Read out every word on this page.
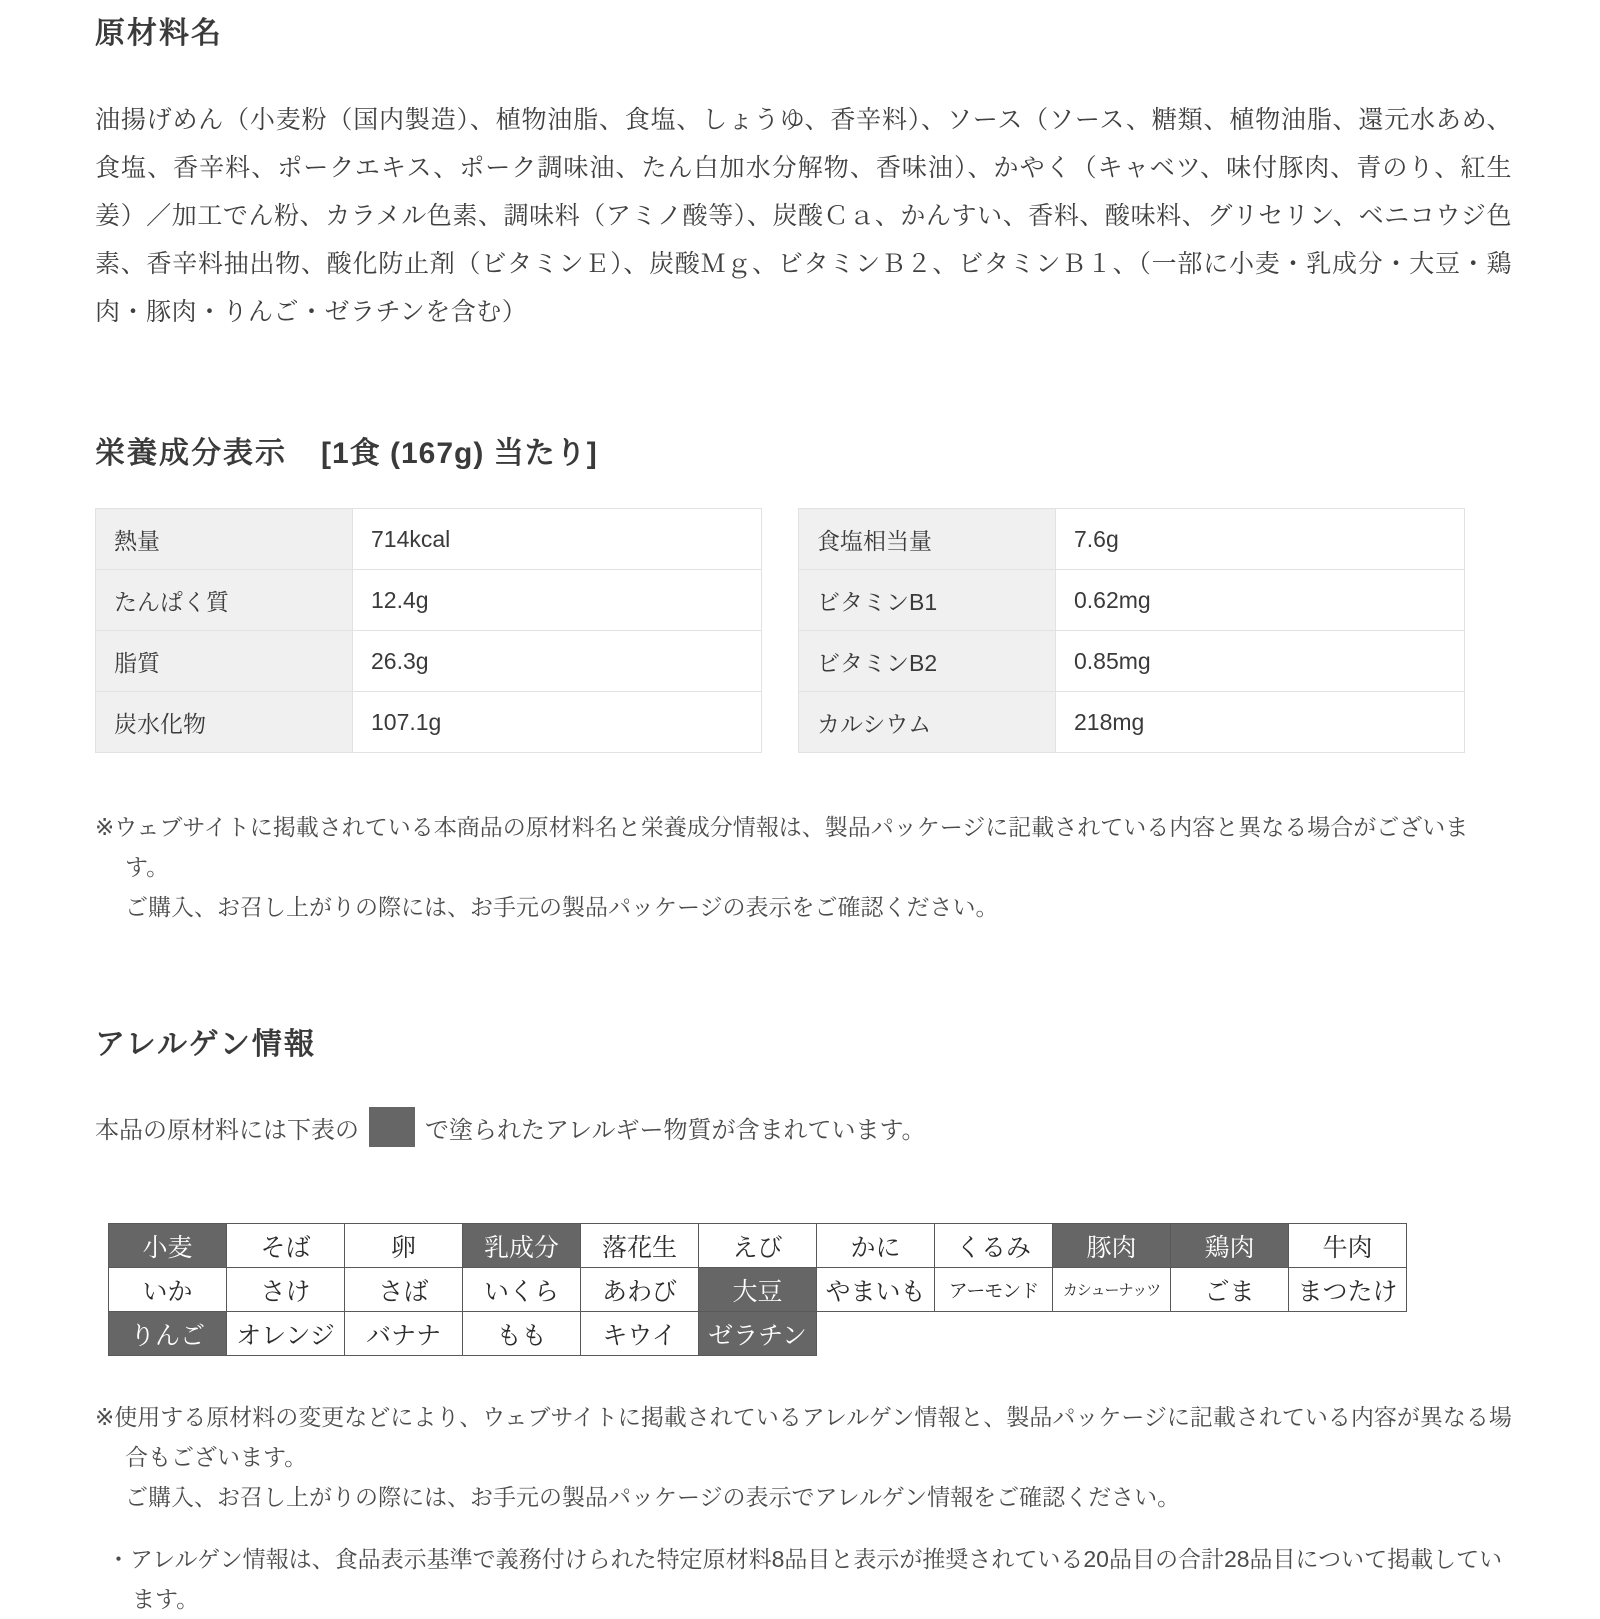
原材料名

油揚げめん（小麦粉（国内製造）、植物油脂、食塩、しょうゆ、香辛料）、ソース（ソース、糖類、植物油脂、還元水あめ、食塩、香辛料、ポークエキス、ポーク調味油、たん白加水分解物、香味油）、かやく（キャベツ、味付豚肉、青のり、紅生姜）／加工でん粉、カラメル色素、調味料（アミノ酸等）、炭酸Ｃａ、かんすい、香料、酸味料、グリセリン、ベニコウジ色素、香辛料抽出物、酸化防止剤（ビタミンＥ）、炭酸Ｍｇ、ビタミンＢ２、ビタミンＢ１、（一部に小麦・乳成分・大豆・鶏肉・豚肉・りんご・ゼラチンを含む）

栄養成分表示 [1食 (167g) 当たり]
熱量	714kcal
たんぱく質	12.4g
脂質	26.3g
炭水化物	107.1g
食塩相当量	7.6g
ビタミンB1	0.62mg
ビタミンB2	0.85mg
カルシウム	218mg
※ウェブサイトに掲載されている本商品の原材料名と栄養成分情報は、製品パッケージに記載されている内容と異なる場合がございます。
ご購入、お召し上がりの際には、お手元の製品パッケージの表示をご確認ください。
アレルゲン情報
本品の原材料には下表の	で塗られたアレルギー物質が含まれています。
小麦	そば	卵	乳成分	落花生	えび	かに	くるみ	豚肉	鶏肉	牛肉
いか	さけ	さば	いくら	あわび	大豆	やまいも	アーモンド	カシューナッツ	ごま	まつたけ
りんご	オレンジ	バナナ	もも	キウイ	ゼラチン
※使用する原材料の変更などにより、ウェブサイトに掲載されているアレルゲン情報と、製品パッケージに記載されている内容が異なる場合もございます。
ご購入、お召し上がりの際には、お手元の製品パッケージの表示でアレルゲン情報をご確認ください。
・アレルゲン情報は、食品表示基準で義務付けられた特定原材料8品目と表示が推奨されている20品目の合計28品目について掲載しています。
